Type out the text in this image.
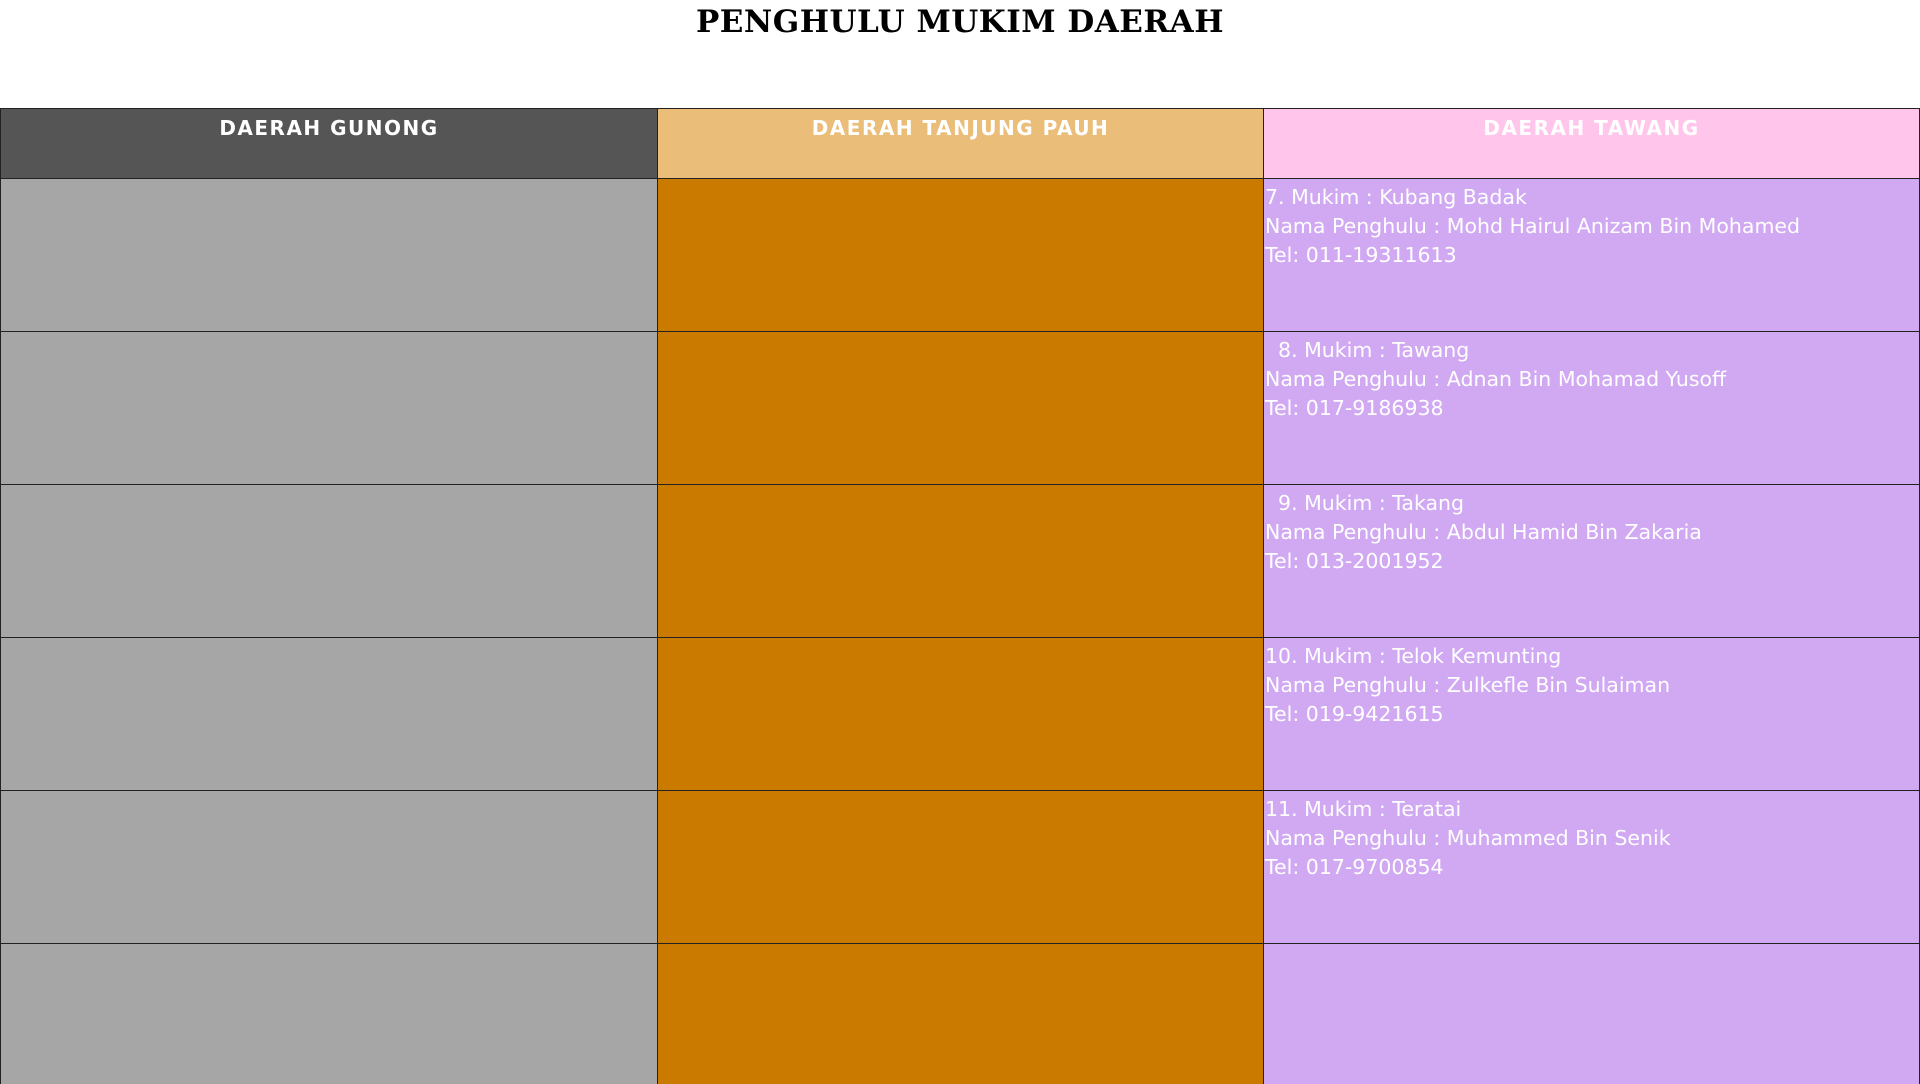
PENGHULU MUKIM DAERAH
DAERAH GUNONG	DAERAH TANJUNG PAUH	DAERAH TAWANG
7. Mukim : Kubang Badak
Nama Penghulu : Mohd Hairul Anizam Bin Mohamed
Tel: 011-19311613
8. Mukim : Tawang
Nama Penghulu : Adnan Bin Mohamad Yusoff
Tel: 017-9186938
9. Mukim : Takang
Nama Penghulu : Abdul Hamid Bin Zakaria
Tel: 013-2001952
10. Mukim : Telok Kemunting
Nama Penghulu : Zulkefle Bin Sulaiman
Tel: 019-9421615
11. Mukim : Teratai
Nama Penghulu : Muhammed Bin Senik
Tel: 017-9700854
